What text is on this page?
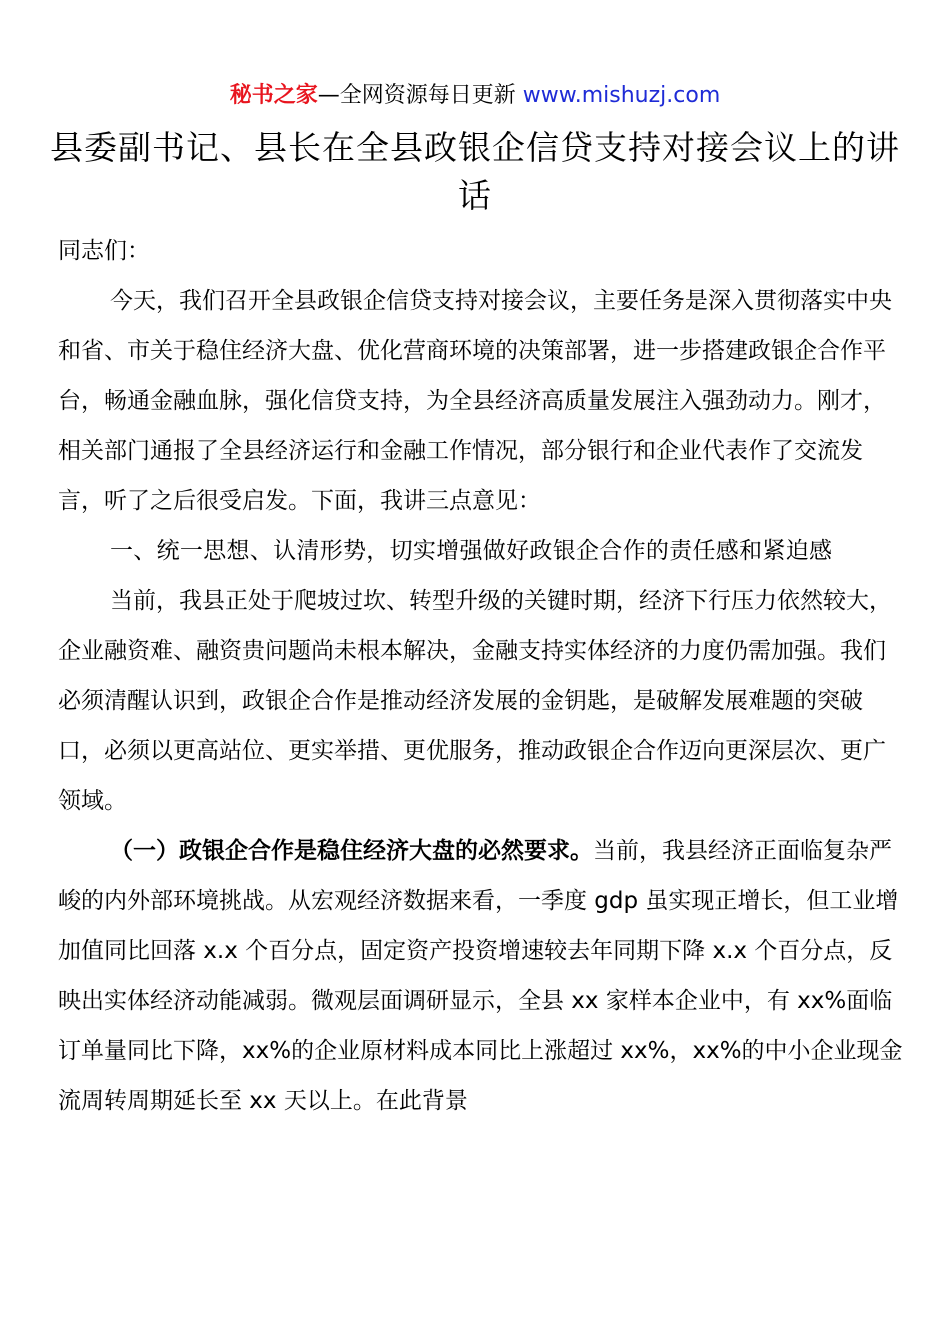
秘书之家—全网资源每日更新 www.mishuzj.com
县委副书记、县长在全县政银企信贷支持对接会议上的讲话

同志们：

今天，我们召开全县政银企信贷支持对接会议，主要任务是深入贯彻落实中央和省、市关于稳住经济大盘、优化营商环境的决策部署，进一步搭建政银企合作平台，畅通金融血脉，强化信贷支持，为全县经济高质量发展注入强劲动力。刚才，相关部门通报了全县经济运行和金融工作情况，部分银行和企业代表作了交流发言，听了之后很受启发。下面，我讲三点意见：

一、统一思想、认清形势，切实增强做好政银企合作的责任感和紧迫感

当前，我县正处于爬坡过坎、转型升级的关键时期，经济下行压力依然较大，企业融资难、融资贵问题尚未根本解决，金融支持实体经济的力度仍需加强。我们必须清醒认识到，政银企合作是推动经济发展的金钥匙，是破解发展难题的突破口，必须以更高站位、更实举措、更优服务，推动政银企合作迈向更深层次、更广领域。

（一）政银企合作是稳住经济大盘的必然要求。当前，我县经济正面临复杂严峻的内外部环境挑战。从宏观经济数据来看，一季度 gdp 虽实现正增长，但工业增加值同比回落 x.x 个百分点，固定资产投资增速较去年同期下降 x.x 个百分点，反映出实体经济动能减弱。微观层面调研显示，全县 xx 家样本企业中，有 xx%面临订单量同比下降，xx%的企业原材料成本同比上涨超过 xx%，xx%的中小企业现金流周转周期延长至 xx 天以上。在此背景
